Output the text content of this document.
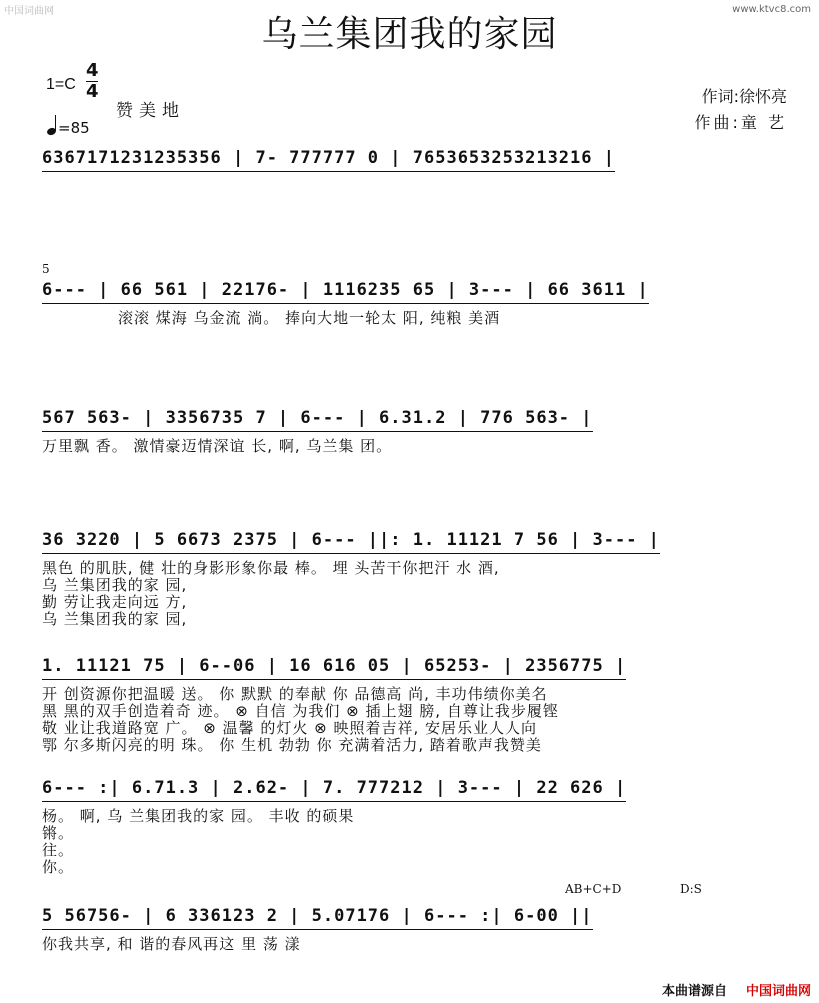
中国词曲网	www.ktvc8.com
乌兰集团我的家园
1=C
4
4
赞美地
=85
作词:徐怀亮
作曲:童 艺
6367171231235356 | 7- 777777 0 | 7653653253213216 |
5
6--- | 66 561 | 22176- | 1116235 65 | 3--- | 66 3611 |
滚滚 煤海 乌金流 淌。 捧向大地一轮太 阳, 纯粮 美酒
567 563- | 3356735 7 | 6--- | 6.31.2 | 776 563- |
万里飘 香。 激情豪迈情深谊 长, 啊, 乌兰集 团。
36 3220 | 5 6673 2375 | 6--- ||: 1. 11121 7 56 | 3--- |
黑色 的肌肤, 健 壮的身影形象你最 棒。 埋 头苦干你把汗 水 酒,
乌 兰集团我的家 园,
勤 劳让我走向远 方,
乌 兰集团我的家 园,
1. 11121 75 | 6--06 | 16 616 05 | 65253- | 2356775 |
开 创资源你把温暖 送。 你 默默 的奉献 你 品德高 尚, 丰功伟绩你美名
黑 黑的双手创造着奇 迹。 ⊗ 自信 为我们 ⊗ 插上翅 膀, 自尊让我步履铿
敬 业让我道路宽 广。 ⊗ 温馨 的灯火 ⊗ 映照着吉祥, 安居乐业人人向
鄂 尔多斯闪亮的明 珠。 你 生机 勃勃 你 充满着活力, 踏着歌声我赞美
6--- :| 6.71.3 | 2.62- | 7. 777212 | 3--- | 22 626 |
杨。 啊, 乌 兰集团我的家 园。 丰收 的硕果
锵。
往。
你。
AB+C+D	D:S
5 56756- | 6 336123 2 | 5.07176 | 6--- :| 6-00 ||
你我共享, 和 谐的春风再这 里 荡 漾
本曲谱源自 中国词曲网
